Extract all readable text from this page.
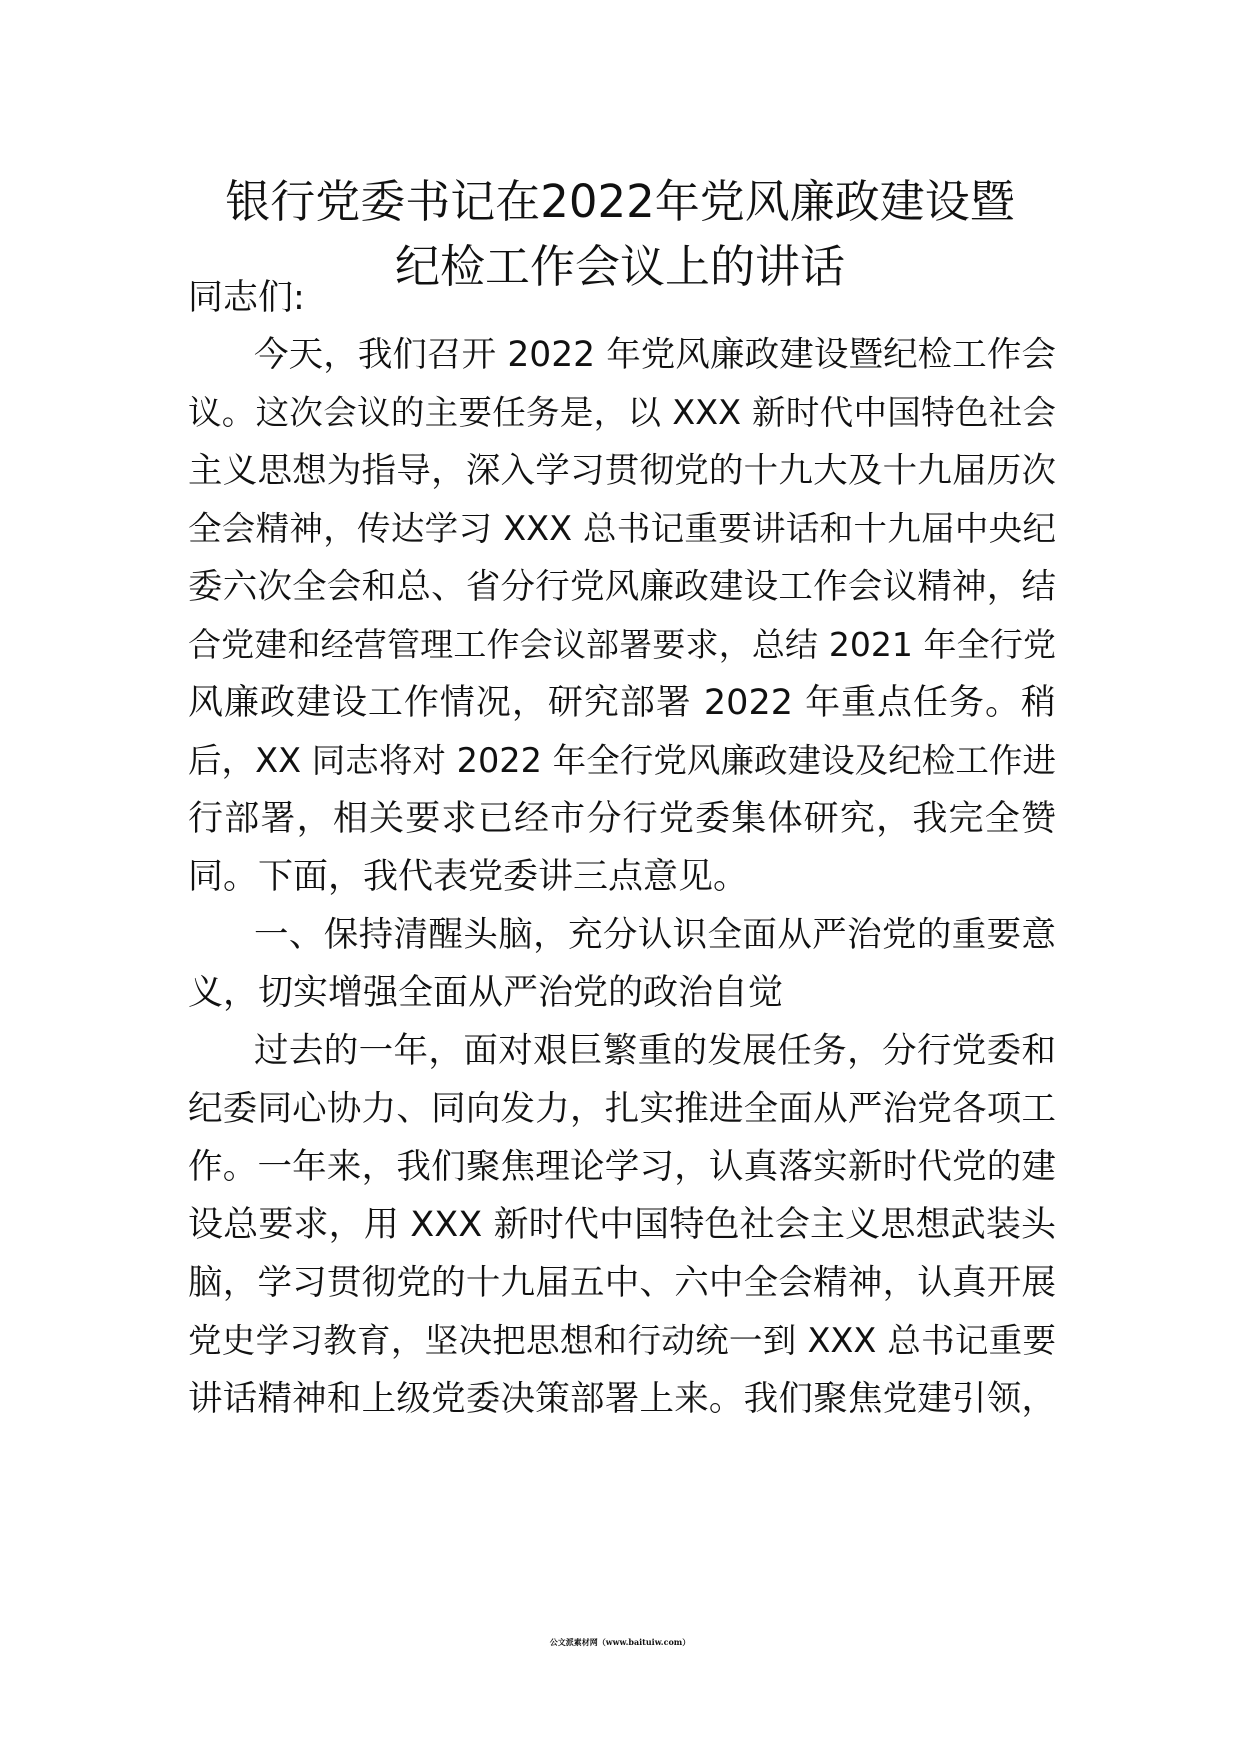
银行党委书记在2022年党风廉政建设暨
纪检工作会议上的讲话
同志们:
今天，我们召开 2022 年党风廉政建设暨纪检工作会
议。这次会议的主要任务是，以 XXX 新时代中国特色社会
主义思想为指导，深入学习贯彻党的十九大及十九届历次
全会精神，传达学习 XXX 总书记重要讲话和十九届中央纪
委六次全会和总、省分行党风廉政建设工作会议精神，结
合党建和经营管理工作会议部署要求，总结 2021 年全行党
风廉政建设工作情况，研究部署 2022 年重点任务。稍
后，XX 同志将对 2022 年全行党风廉政建设及纪检工作进
行部署，相关要求已经市分行党委集体研究，我完全赞
同。下面，我代表党委讲三点意见。
一、保持清醒头脑，充分认识全面从严治党的重要意
义，切实增强全面从严治党的政治自觉
过去的一年，面对艰巨繁重的发展任务，分行党委和
纪委同心协力、同向发力，扎实推进全面从严治党各项工
作。一年来，我们聚焦理论学习，认真落实新时代党的建
设总要求，用 XXX 新时代中国特色社会主义思想武装头
脑，学习贯彻党的十九届五中、六中全会精神，认真开展
党史学习教育，坚决把思想和行动统一到 XXX 总书记重要
讲话精神和上级党委决策部署上来。我们聚焦党建引领，
公文派素材网（www.baituiw.com）
